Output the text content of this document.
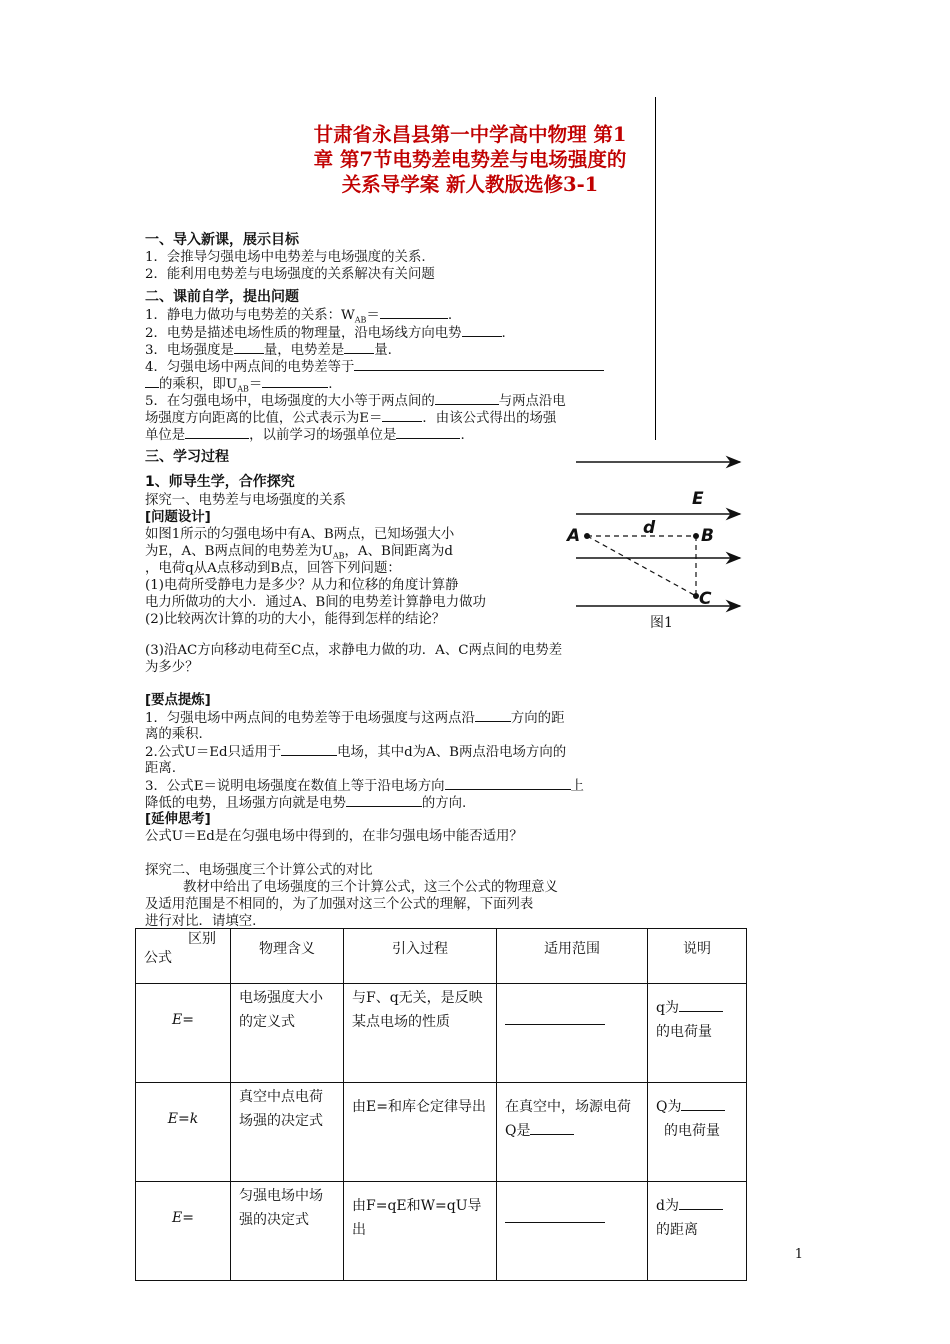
甘肃省永昌县第一中学高中物理 第1
章 第7节电势差电势差与电场强度的
关系导学案 新人教版选修3-1
一、导入新课，展示目标
1．会推导匀强电场中电势差与电场强度的关系.
2．能利用电势差与电场强度的关系解决有关问题
二、课前自学，提出问题
1．静电力做功与电势差的关系：$W_{AB}=$	.
2．电势是描述电场性质的物理量，沿电场线方向电势	.
3．电场强度是 量，电势差是 量.
4．匀强电场中两点间的电势差等于
的乘积，即$U_{AB}=$	.
5．在匀强电场中，电场强度的大小等于两点间的	与两点沿电
场强度方向距离的比值，公式表示为E＝	．由该公式得出的场强
单位是	，以前学习的场强单位是	.
三、学习过程
1、师导生学，合作探究
探究一、电势差与电场强度的关系
[问题设计]
如图1所示的匀强电场中有A、B两点，已知场强大小
为E，A、B两点间的电势差为$U_{AB}$，A、B间距离为d
，电荷q从A点移动到B点，回答下列问题：
(1)电荷所受静电力是多少？从力和位移的角度计算静
电力所做功的大小．通过A、B间的电势差计算静电力做功
(2)比较两次计算的功的大小，能得到怎样的结论？
(3)沿AC方向移动电荷至C点，求静电力做的功．A、C两点间的电势差
为多少？
[要点提炼]
1．匀强电场中两点间的电势差等于电场强度与这两点沿	方向的距
离的乘积.
2.公式U＝Ed只适用于	电场，其中d为A、B两点沿电场方向的
距离.
3．公式E＝说明电场强度在数值上等于沿电场方向	上
降低的电势，且场强方向就是电势	的方向.
[延伸思考]
公式U＝Ed是在匀强电场中得到的，在非匀强电场中能否适用？
探究二、电场强度三个计算公式的对比
教材中给出了电场强度的三个计算公式，这三个公式的物理意义
及适用范围是不相同的，为了加强对这三个公式的理解，下面列表
进行对比．请填空.
E
A	B
d
C
图1
区别
公式	物理含义	引入过程	适用范围	说明
E=	电场强度大小的定义式	与F、q无关，是反映某点电场的性质		q为
的电荷量
E=k	真空中点电荷场强的决定式	由E=和库仑定律导出	在真空中，场源电荷Q是	Q为
的电荷量
E=	匀强电场中场强的决定式	由F=qE和W=qU导出		d为
的距离
1
